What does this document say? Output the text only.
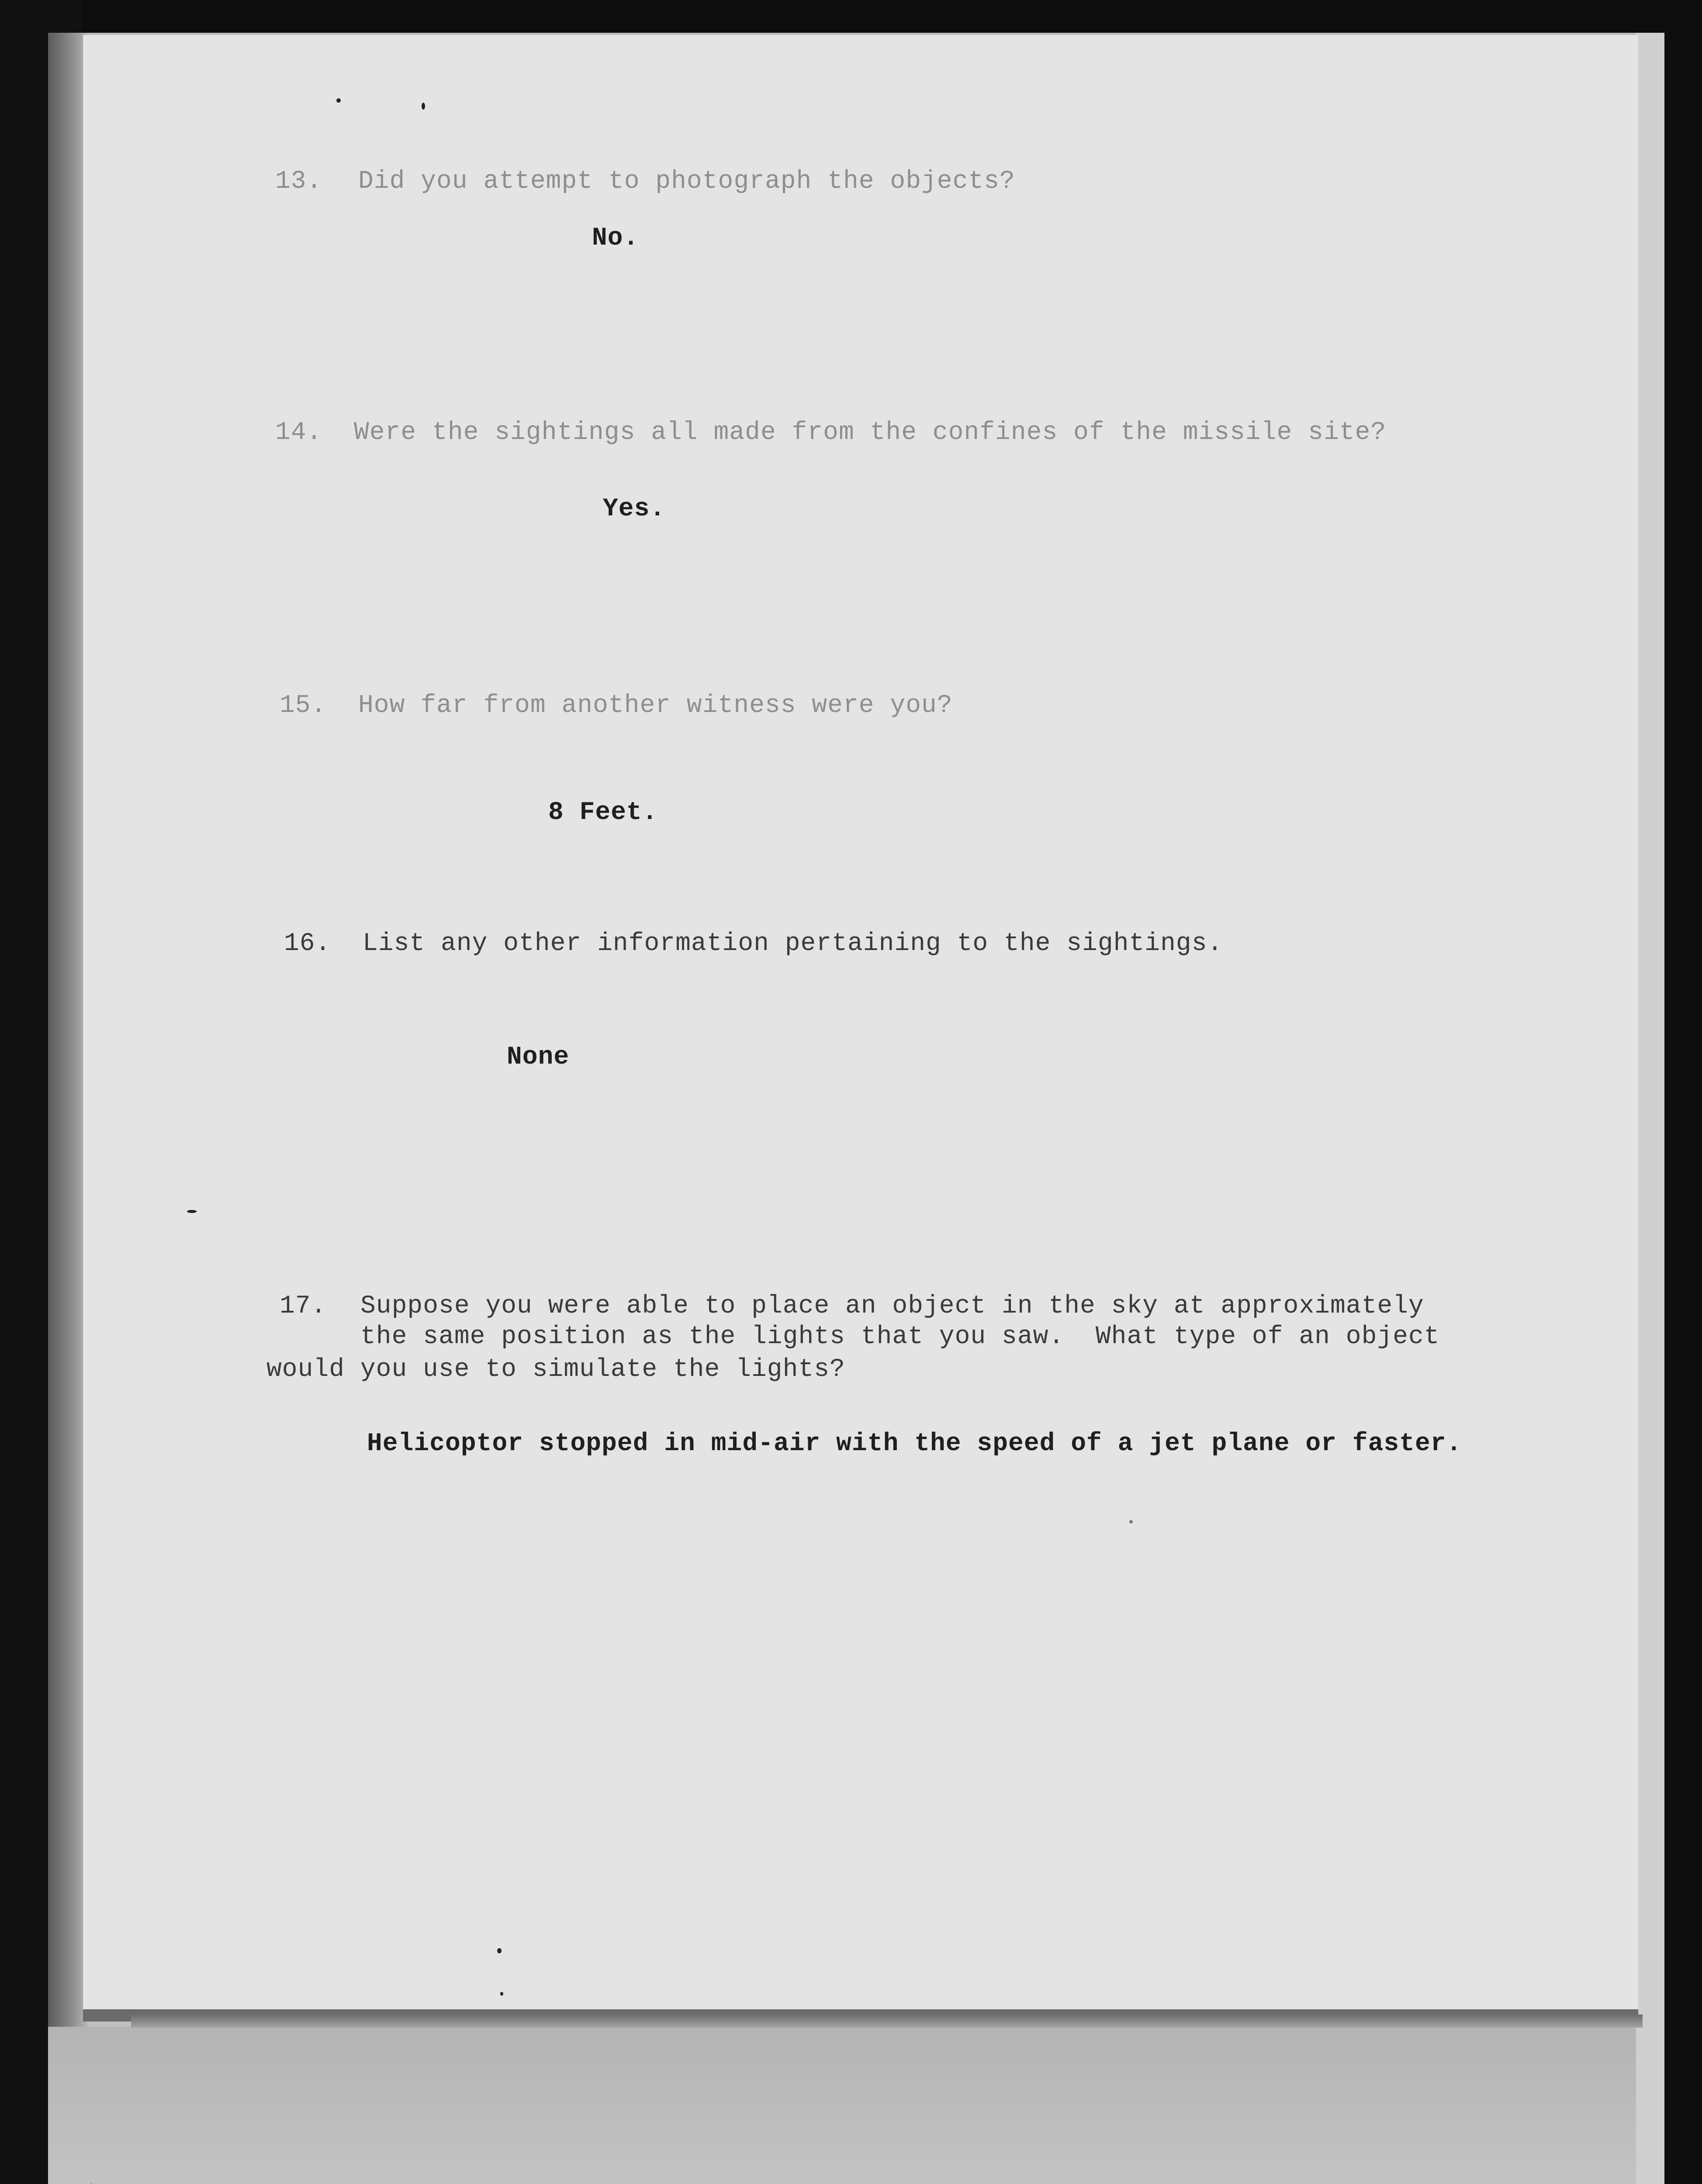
13. Did you attempt to photograph the objects?
No.
14. Were the sightings all made from the confines of the missile site?
Yes.
15. How far from another witness were you?
8 Feet.
16. List any other information pertaining to the sightings.
None
17. Suppose you were able to place an object in the sky at approximately
the same position as the lights that you saw.  What type of an object
would you use to simulate the lights?
Helicoptor stopped in mid-air with the speed of a jet plane or faster.
